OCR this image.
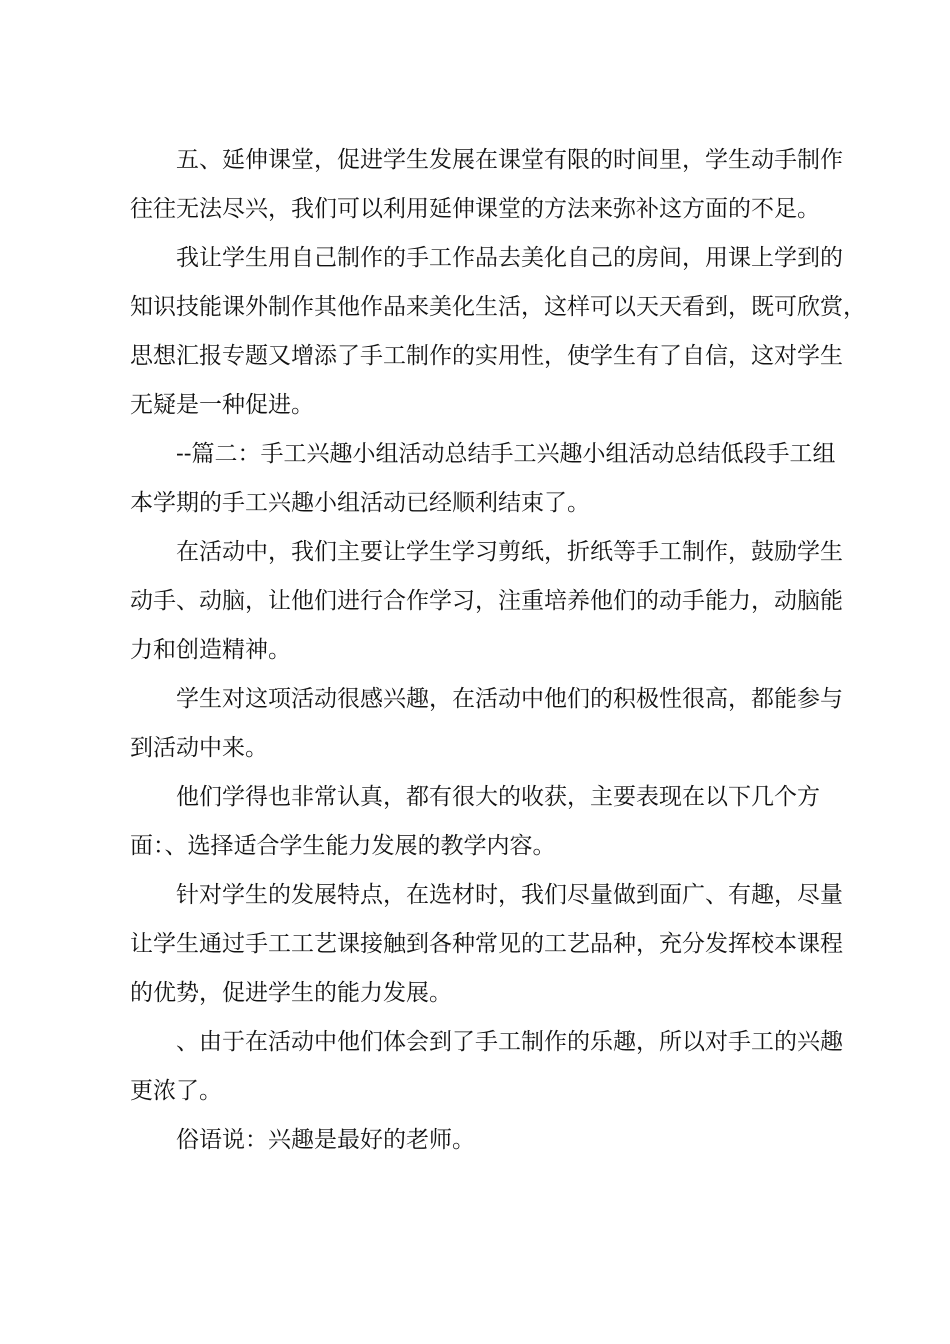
五、延伸课堂，促进学生发展在课堂有限的时间里，学生动手制作
往往无法尽兴，我们可以利用延伸课堂的方法来弥补这方面的不足。

我让学生用自己制作的手工作品去美化自己的房间，用课上学到的
知识技能课外制作其他作品来美化生活，这样可以天天看到，既可欣赏，
思想汇报专题又增添了手工制作的实用性，使学生有了自信，这对学生
无疑是一种促进。

--篇二：手工兴趣小组活动总结手工兴趣小组活动总结低段手工组
本学期的手工兴趣小组活动已经顺利结束了。

在活动中，我们主要让学生学习剪纸，折纸等手工制作，鼓励学生
动手、动脑，让他们进行合作学习，注重培养他们的动手能力，动脑能
力和创造精神。

学生对这项活动很感兴趣，在活动中他们的积极性很高，都能参与
到活动中来。

他们学得也非常认真，都有很大的收获，主要表现在以下几个方
面：、选择适合学生能力发展的教学内容。

针对学生的发展特点，在选材时，我们尽量做到面广、有趣，尽量
让学生通过手工工艺课接触到各种常见的工艺品种，充分发挥校本课程
的优势，促进学生的能力发展。

、由于在活动中他们体会到了手工制作的乐趣，所以对手工的兴趣
更浓了。

俗语说：兴趣是最好的老师。
